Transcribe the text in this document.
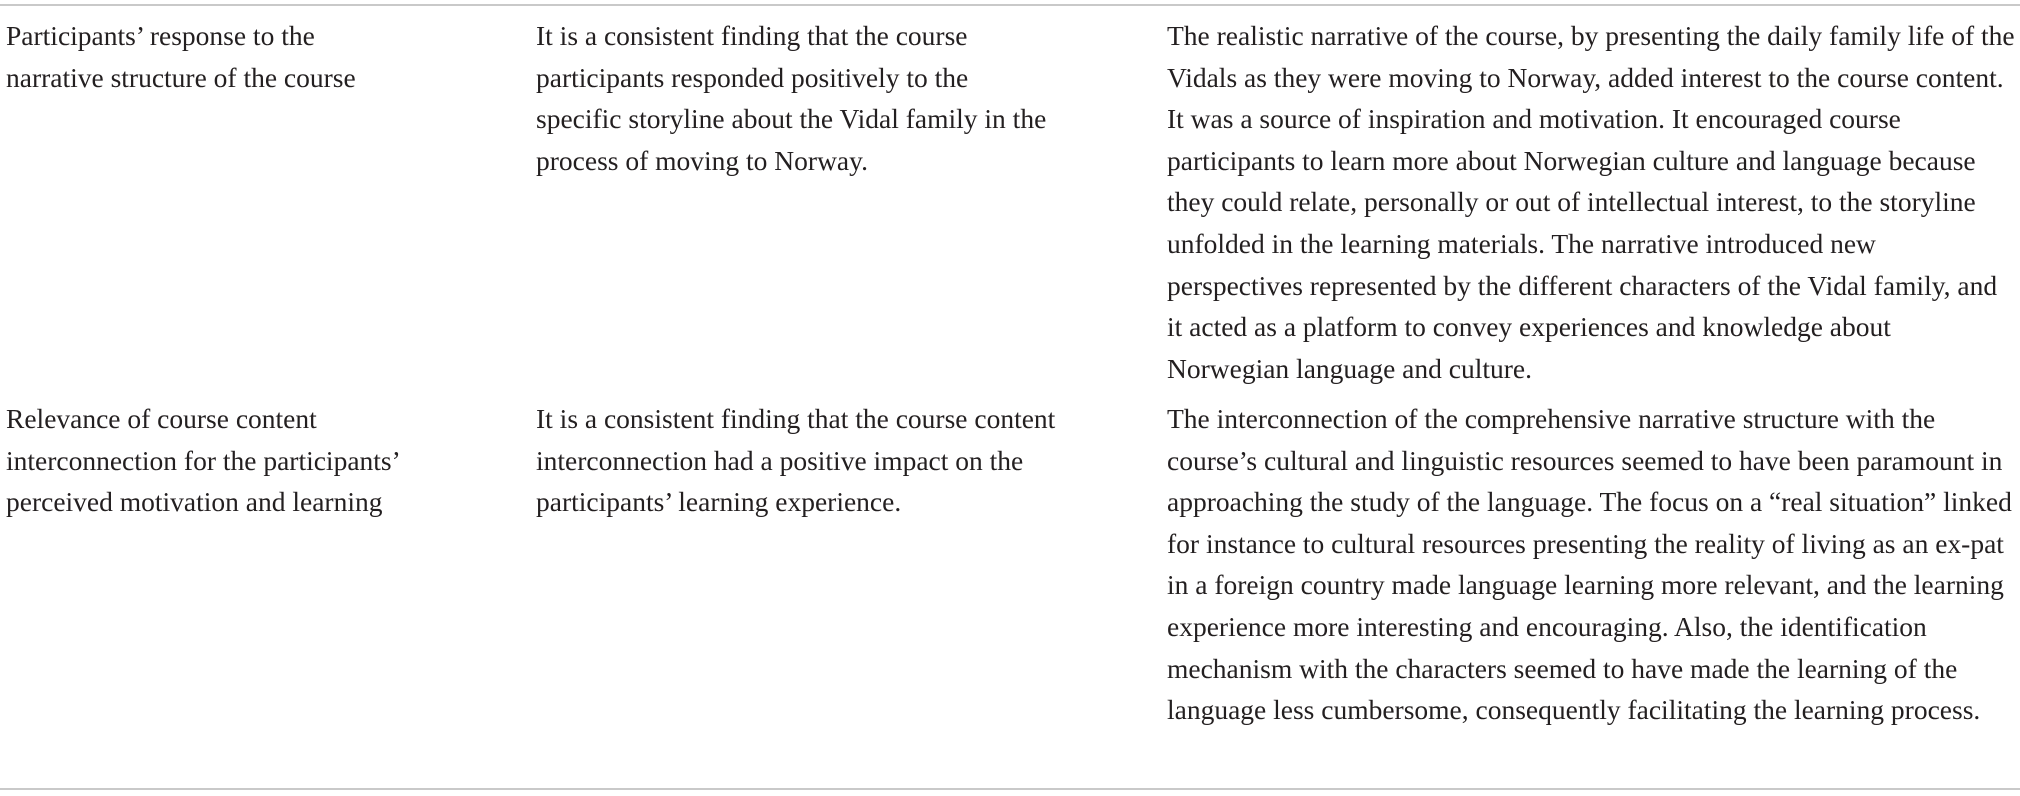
Participants’ response to the narrative structure of the course
It is a consistent finding that the course participants responded positively to the specific storyline about the Vidal family in the process of moving to Norway.
The realistic narrative of the course, by presenting the daily family life of the Vidals as they were moving to Norway, added interest to the course content. It was a source of inspiration and motivation. It encouraged course participants to learn more about Norwegian culture and language because they could relate, personally or out of intellectual interest, to the storyline unfolded in the learning materials. The narrative introduced new perspectives represented by the different characters of the Vidal family, and it acted as a platform to convey experiences and knowledge about Norwegian language and culture.
Relevance of course content interconnection for the participants’ perceived motivation and learning
It is a consistent finding that the course content interconnection had a positive impact on the participants’ learning experience.
The interconnection of the comprehensive narrative structure with the course’s cultural and linguistic resources seemed to have been paramount in approaching the study of the language. The focus on a “real situation” linked for instance to cultural resources presenting the reality of living as an ex-pat in a foreign country made language learning more relevant, and the learning experience more interesting and encouraging. Also, the identification mechanism with the characters seemed to have made the learning of the language less cumbersome, consequently facilitating the learning process.
